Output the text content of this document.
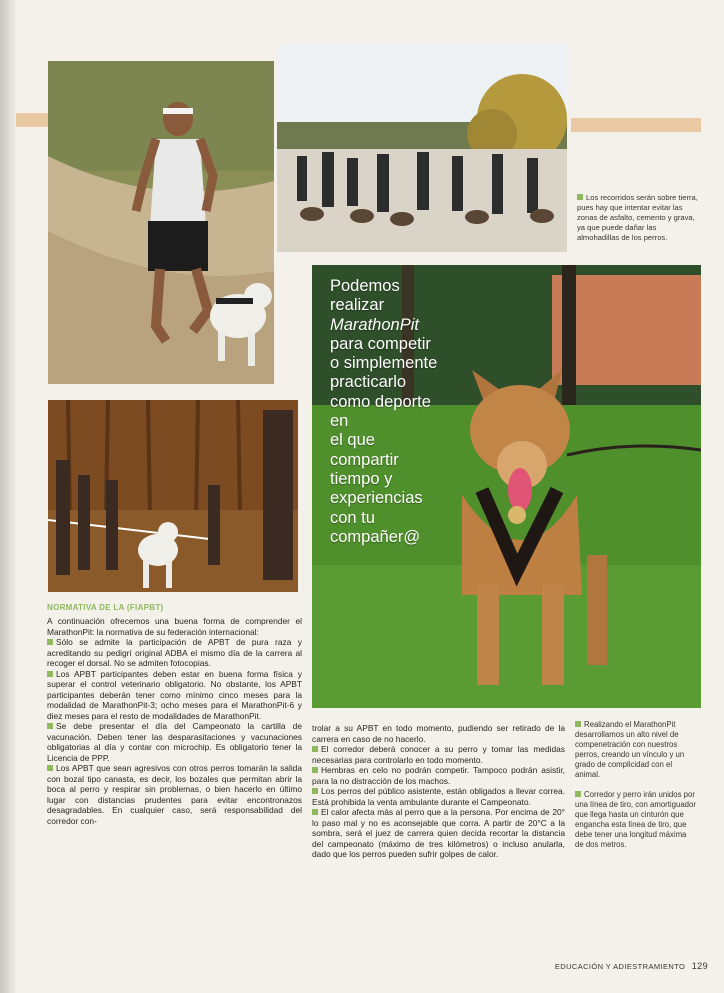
Los recorridos serán sobre tierra, pues hay que intentar evitar las zonas de asfalto, cemento y grava, ya que puede dañar las almohadillas de los perros.
Podemos
realizar
MarathonPit
para competir
o simplemente
practicarlo
como deporte
en
el que
compartir
tiempo y
experiencias
con tu
compañer@
NORMATIVA DE LA (FIAPBT)

A continuación ofrecemos una buena forma de comprender el MarathonPit: la normativa de su federación internacional:

Sólo se admite la participación de APBT de pura raza y acreditando su pedigrí original ADBA el mismo día de la carrera al recoger el dorsal. No se admiten fotocopias.

Los APBT participantes deben estar en buena forma física y superar el control veterinario obligatorio. No obstante, los APBT participantes deberán tener como mínimo cinco meses para la modalidad de MarathonPit-3; ocho meses para el MarathonPit-6 y diez meses para el resto de modalidades de MarathonPit.

Se debe presentar el día del Campeonato la cartilla de vacunación. Deben tener las desparasitaciones y vacunaciones obligatorias al día y contar con microchip. Es obligatorio tener la Licencia de PPP.

Los APBT que sean agresivos con otros perros tomarán la salida con bozal tipo canasta, es decir, los bozales que permitan abrir la boca al perro y respirar sin problemas, o bien hacerlo en último lugar con distancias prudentes para evitar encontronazos desagradables. En cualquier caso, será responsabilidad del corredor con-

trolar a su APBT en todo momento, pudiendo ser retirado de la carrera en caso de no hacerlo.

El corredor deberá conocer a su perro y tomar las medidas necesarias para controlarlo en todo momento.

Hembras en celo no podrán competir. Tampoco podrán asistir, para la no distracción de los machos.

Los perros del público asistente, están obligados a llevar correa. Está prohibida la venta ambulante durante el Campeonato.

El calor afecta más al perro que a la persona. Por encima de 20° lo paso mal y no es aconsejable que corra. A partir de 20°C a la sombra, será el juez de carrera quien decida recortar la distancia del campeonato (máximo de tres kilómetros) o incluso anularla, dado que los perros pueden sufrir golpes de calor.

Realizando el MarathonPit desarrollamos un alto nivel de compenetración con nuestros perros, creando un vínculo y un grado de complicidad con el animal.

Corredor y perro irán unidos por una línea de tiro, con amortiguador que llega hasta un cinturón que engancha esta línea de tiro, que debe tener una longitud máxima de dos metros.

EDUCACIÓN Y ADIESTRAMIENTO 129
